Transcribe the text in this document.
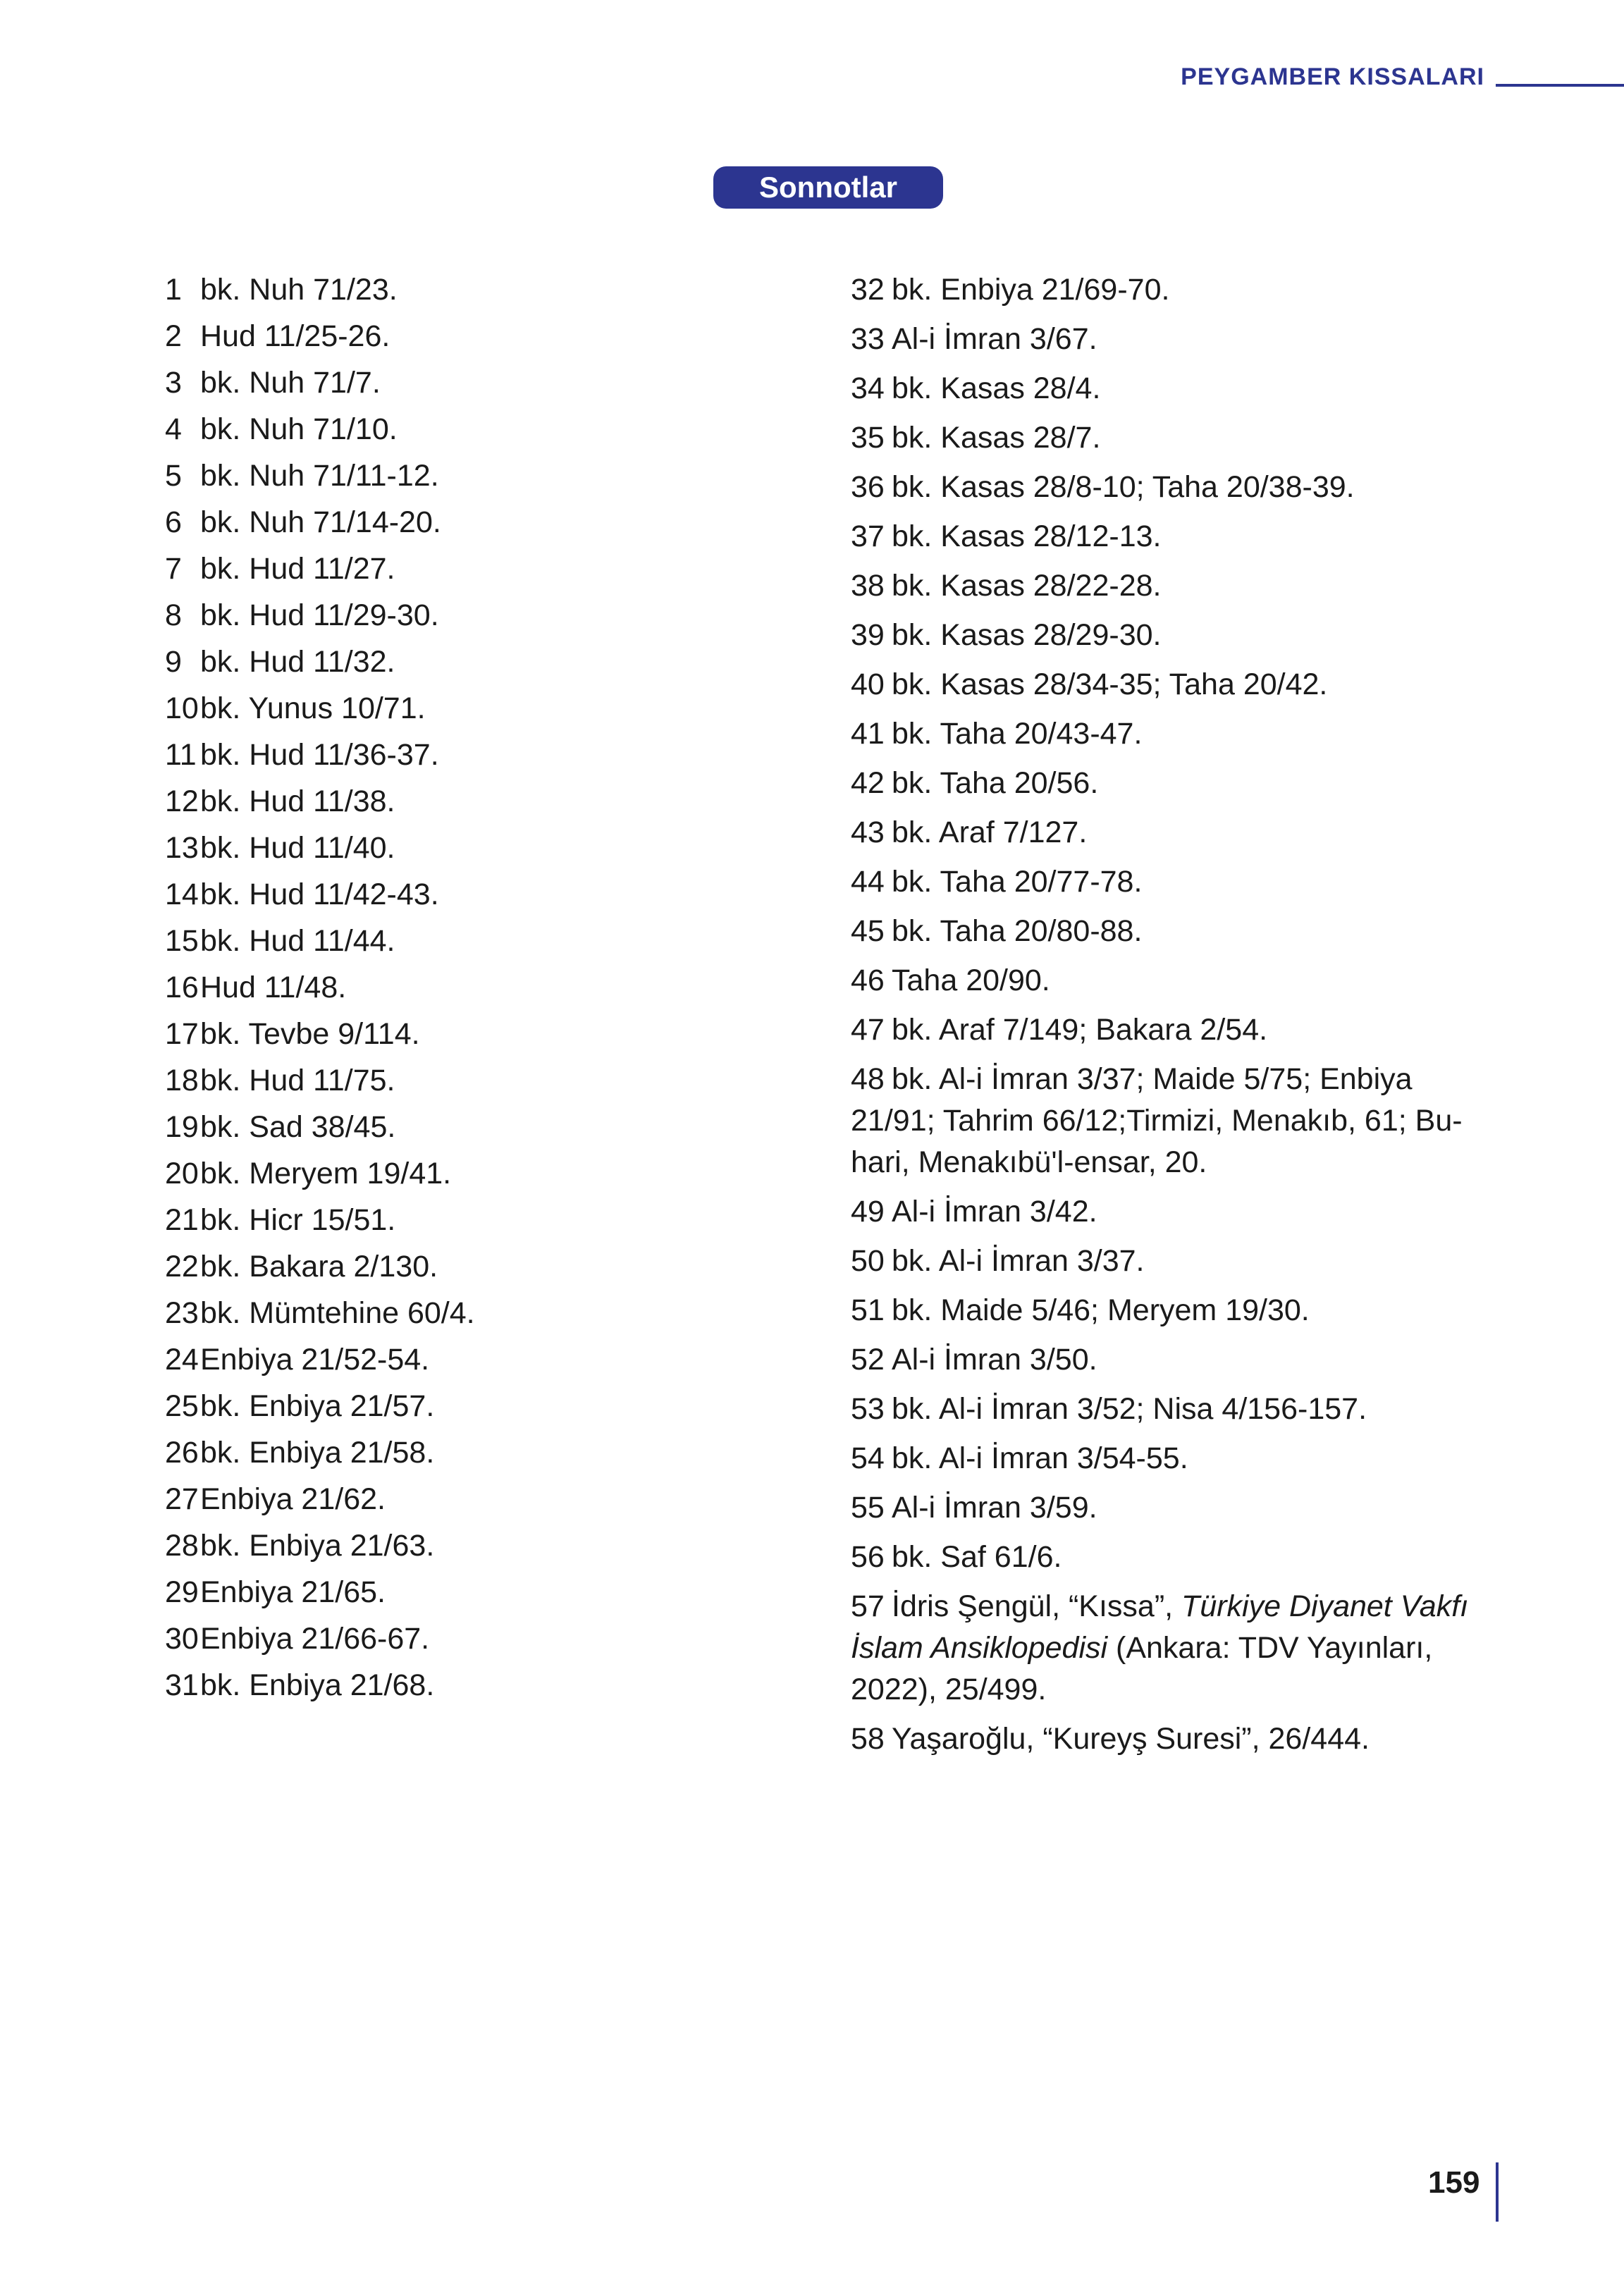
PEYGAMBER KISSALARI
Sonnotlar
1 bk. Nuh 71/23.
2 Hud 11/25-26.
3 bk. Nuh 71/7.
4 bk. Nuh 71/10.
5 bk. Nuh 71/11-12.
6 bk. Nuh 71/14-20.
7 bk. Hud 11/27.
8 bk. Hud 11/29-30.
9 bk. Hud 11/32.
10bk. Yunus 10/71.
11 bk. Hud 11/36-37.
12bk. Hud 11/38.
13bk. Hud 11/40.
14bk. Hud 11/42-43.
15bk. Hud 11/44.
16Hud 11/48.
17bk. Tevbe 9/114.
18bk. Hud 11/75.
19bk. Sad 38/45.
20bk. Meryem 19/41.
21bk. Hicr 15/51.
22bk. Bakara 2/130.
23bk. Mümtehine 60/4.
24Enbiya 21/52-54.
25bk. Enbiya 21/57.
26bk. Enbiya 21/58.
27Enbiya 21/62.
28bk. Enbiya 21/63.
29Enbiya 21/65.
30Enbiya 21/66-67.
31bk. Enbiya 21/68.
32 bk. Enbiya 21/69-70.
33 Al-i İmran 3/67.
34 bk. Kasas 28/4.
35 bk. Kasas 28/7.
36 bk. Kasas 28/8-10; Taha 20/38-39.
37 bk. Kasas 28/12-13.
38 bk. Kasas 28/22-28.
39 bk. Kasas 28/29-30.
40 bk. Kasas 28/34-35; Taha 20/42.
41 bk. Taha 20/43-47.
42 bk. Taha 20/56.
43 bk. Araf 7/127.
44 bk. Taha 20/77-78.
45 bk. Taha 20/80-88.
46 Taha 20/90.
47 bk. Araf 7/149; Bakara 2/54.
48 bk. Al-i İmran 3/37; Maide 5/75; Enbiya
21/91; Tahrim 66/12;Tirmizi, Menakıb, 61; Bu-
hari, Menakıbü'l-ensar, 20.
49 Al-i İmran 3/42.
50 bk. Al-i İmran 3/37.
51 bk. Maide 5/46; Meryem 19/30.
52 Al-i İmran 3/50.
53 bk. Al-i İmran 3/52; Nisa 4/156-157.
54 bk. Al-i İmran 3/54-55.
55 Al-i İmran 3/59.
56 bk. Saf 61/6.
57 İdris Şengül, “Kıssa”, Türkiye Diyanet Vakfı
İslam Ansiklopedisi (Ankara: TDV Yayınları,
2022), 25/499.
58 Yaşaroğlu, “Kureyş Suresi”, 26/444.
159
